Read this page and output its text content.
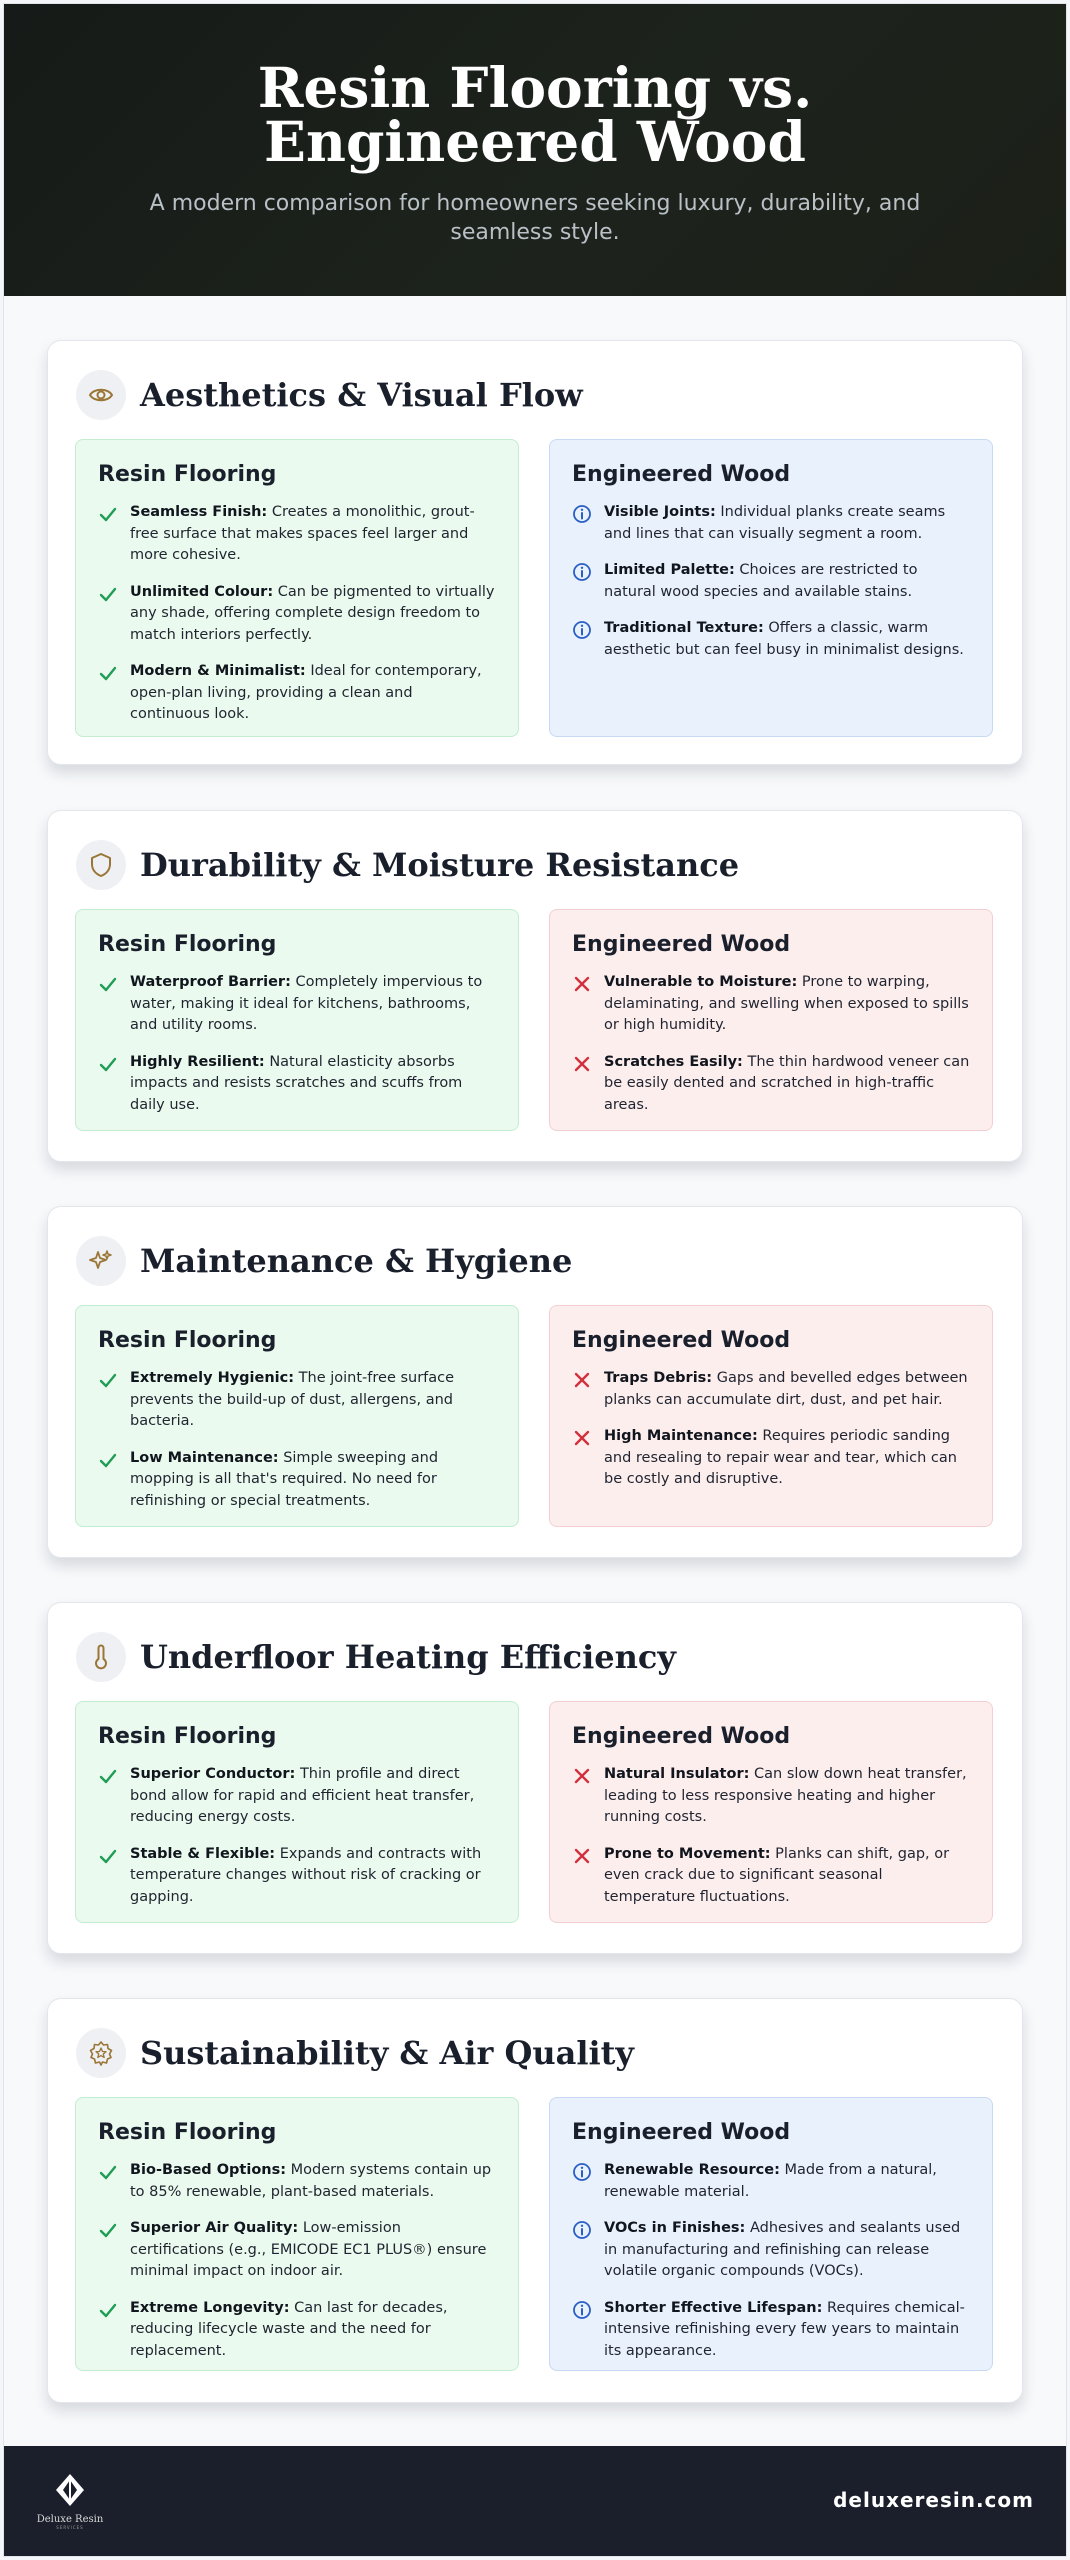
Resin Flooring vs. Engineered Wood

A modern comparison for homeowners seeking luxury, durability, and seamless style.

Aesthetics & Visual Flow
Resin Flooring
Seamless Finish: Creates a monolithic, grout-free surface that makes spaces feel larger and more cohesive.
Unlimited Colour: Can be pigmented to virtually any shade, offering complete design freedom to match interiors perfectly.
Modern & Minimalist: Ideal for contemporary, open-plan living, providing a clean and continuous look.
Engineered Wood
Visible Joints: Individual planks create seams and lines that can visually segment a room.
Limited Palette: Choices are restricted to natural wood species and available stains.
Traditional Texture: Offers a classic, warm aesthetic but can feel busy in minimalist designs.
Durability & Moisture Resistance
Resin Flooring
Waterproof Barrier: Completely impervious to water, making it ideal for kitchens, bathrooms, and utility rooms.
Highly Resilient: Natural elasticity absorbs impacts and resists scratches and scuffs from daily use.
Engineered Wood
Vulnerable to Moisture: Prone to warping, delaminating, and swelling when exposed to spills or high humidity.
Scratches Easily: The thin hardwood veneer can be easily dented and scratched in high-traffic areas.
Maintenance & Hygiene
Resin Flooring
Extremely Hygienic: The joint-free surface prevents the build-up of dust, allergens, and bacteria.
Low Maintenance: Simple sweeping and mopping is all that's required. No need for refinishing or special treatments.
Engineered Wood
Traps Debris: Gaps and bevelled edges between planks can accumulate dirt, dust, and pet hair.
High Maintenance: Requires periodic sanding and resealing to repair wear and tear, which can be costly and disruptive.
Underfloor Heating Efficiency
Resin Flooring
Superior Conductor: Thin profile and direct bond allow for rapid and efficient heat transfer, reducing energy costs.
Stable & Flexible: Expands and contracts with temperature changes without risk of cracking or gapping.
Engineered Wood
Natural Insulator: Can slow down heat transfer, leading to less responsive heating and higher running costs.
Prone to Movement: Planks can shift, gap, or even crack due to significant seasonal temperature fluctuations.
Sustainability & Air Quality
Resin Flooring
Bio-Based Options: Modern systems contain up to 85% renewable, plant-based materials.
Superior Air Quality: Low-emission certifications (e.g., EMICODE EC1 PLUS®) ensure minimal impact on indoor air.
Extreme Longevity: Can last for decades, reducing lifecycle waste and the need for replacement.
Engineered Wood
Renewable Resource: Made from a natural, renewable material.
VOCs in Finishes: Adhesives and sealants used in manufacturing and refinishing can release volatile organic compounds (VOCs).
Shorter Effective Lifespan: Requires chemical-intensive refinishing every few years to maintain its appearance.
Deluxe Resin
SERVICES
deluxeresin.com
